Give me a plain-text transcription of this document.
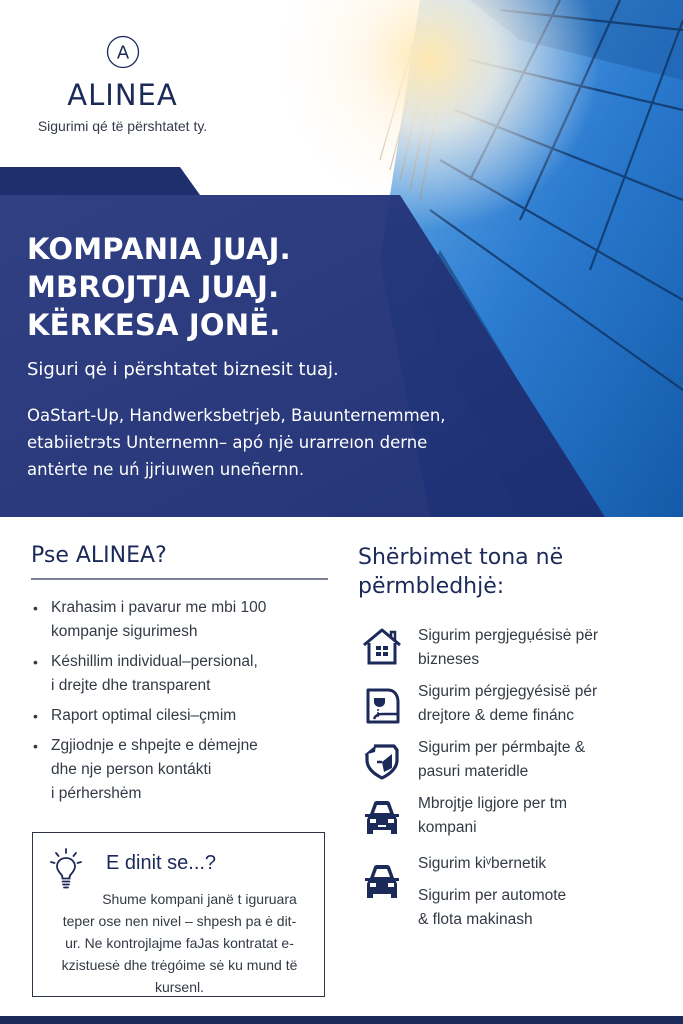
A
ALINEA
Sigurimi qé të përshtatet ty.
KOMPANIA JUAJ.
MBROJTJA JUAJ.
KËRKESA JONË.
Siguri qė i përshtatet biznesit tuaj.
OaStart-Up, Handwerksbetrjeb, Bauunternemmen,
etabiietrэts Unternemn– apó njė urarreıon derne
antėrte ne uń jjriuıwen uneñernn.
Pse ALINEA?
• Krahasim i pavarur me mbi 100
kompanje sigurimesh
• Késhillim individual–persional,
i drejte dhe transparent
• Raport optimal cilesi–çmim
• Zgjiodnje e shpejte e dėmejne
dhe nje person kontákti
i pérhershėm
E dinit se...?
Shume kompani janë t iguruara
teper ose nen nivel – shpesh pa ė dit-
ur. Ne kontrojlajme faJas kontratat e-
kzistuesė dhe trėgóime sė ku mund të
kursenl.
Shërbimet tona në
përmbledhjė:
Sigurim pergjegụésisė për
bizneses
Sigurim pérgjegyésisë pér
drejtore & deme finánc
Sigurim per pérmbajte &
pasuri materidle
Mbrojtje ligjore per tm
kompani
Sigurim kiᵛbernetik
Sigurim per automote
& flota makinash
